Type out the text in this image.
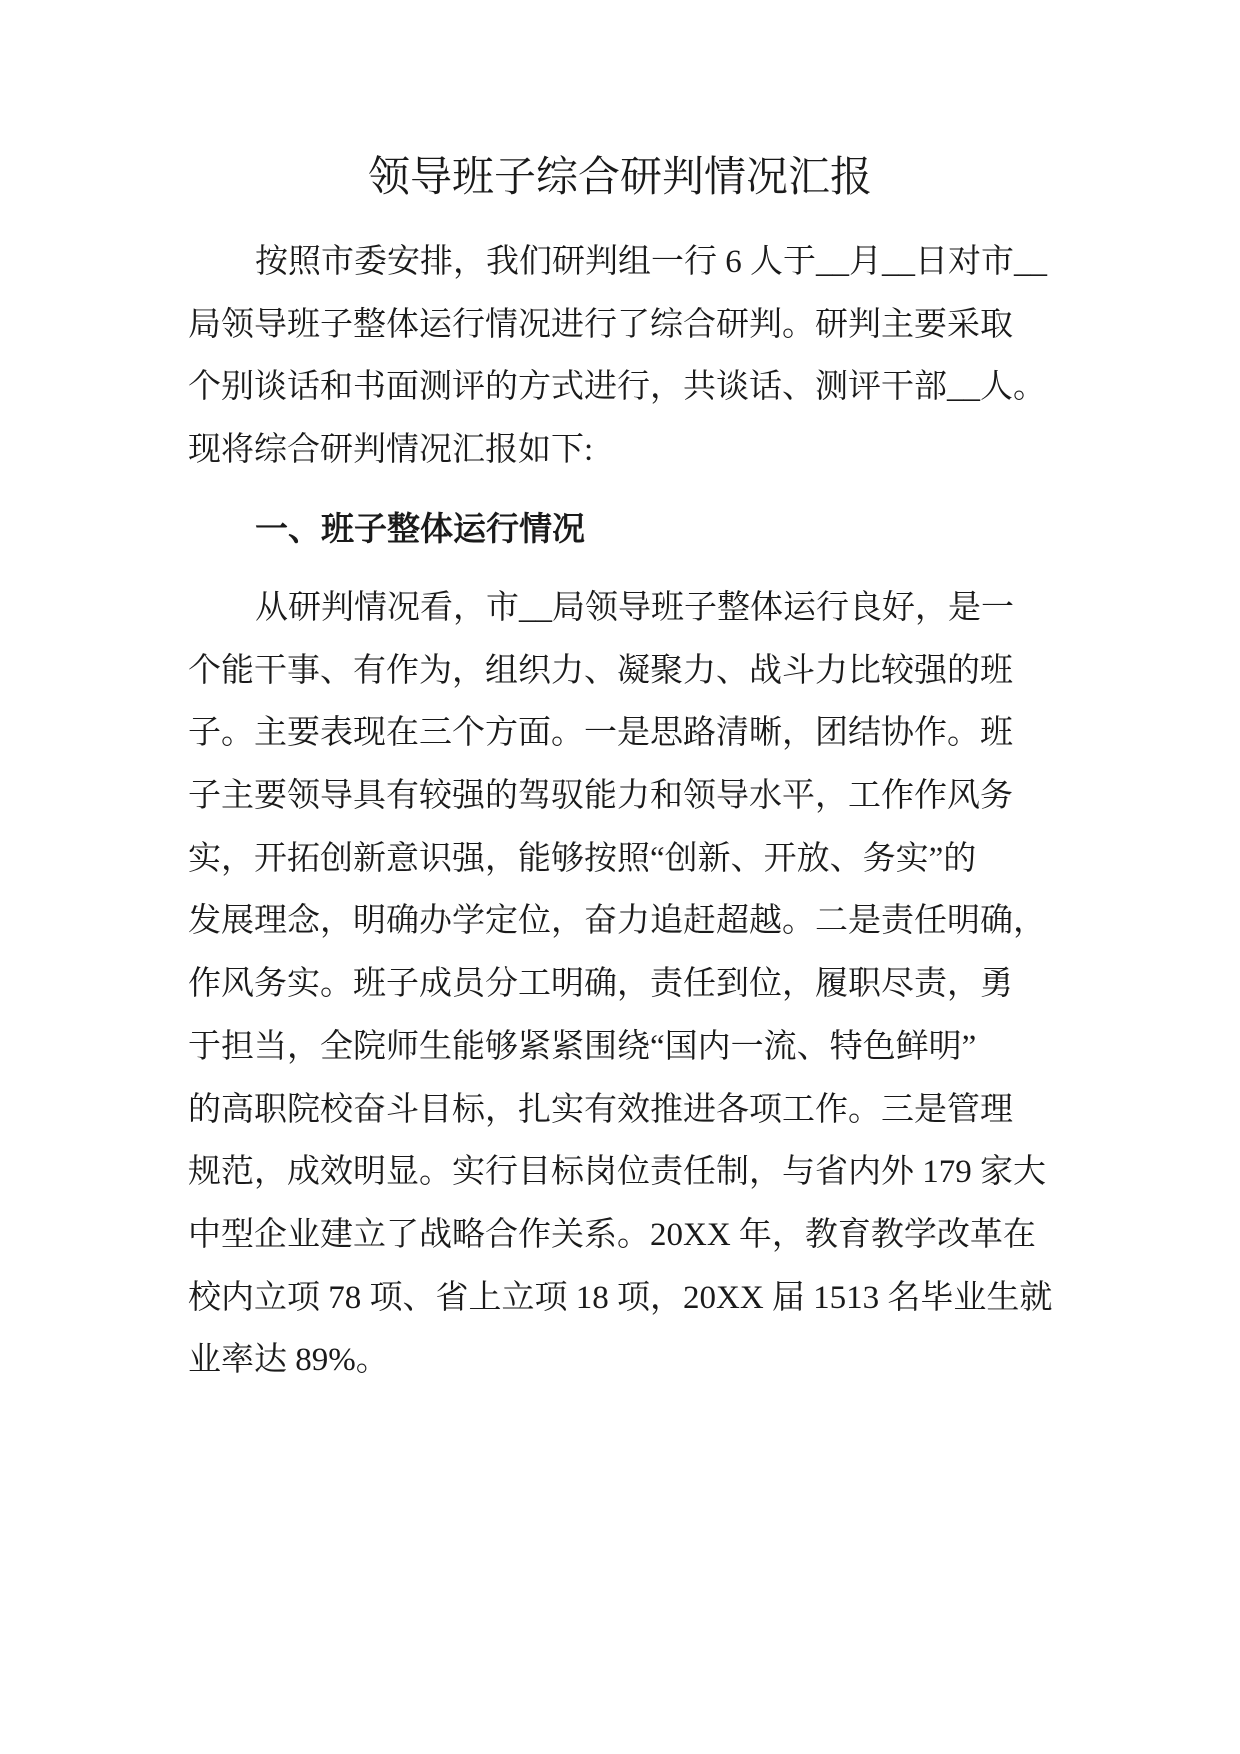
领导班子综合研判情况汇报
按照市委安排，我们研判组一行 6 人于__月__日对市__
局领导班子整体运行情况进行了综合研判。研判主要采取
个别谈话和书面测评的方式进行，共谈话、测评干部__人。
现将综合研判情况汇报如下:
一、班子整体运行情况
从研判情况看，市__局领导班子整体运行良好，是一
个能干事、有作为，组织力、凝聚力、战斗力比较强的班
子。主要表现在三个方面。一是思路清晰，团结协作。班
子主要领导具有较强的驾驭能力和领导水平，工作作风务
实，开拓创新意识强，能够按照“创新、开放、务实”的
发展理念，明确办学定位，奋力追赶超越。二是责任明确，
作风务实。班子成员分工明确，责任到位，履职尽责，勇
于担当，全院师生能够紧紧围绕“国内一流、特色鲜明”
的高职院校奋斗目标，扎实有效推进各项工作。三是管理
规范，成效明显。实行目标岗位责任制，与省内外 179 家大
中型企业建立了战略合作关系。20XX 年，教育教学改革在
校内立项 78 项、省上立项 18 项，20XX 届 1513 名毕业生就
业率达 89%。
